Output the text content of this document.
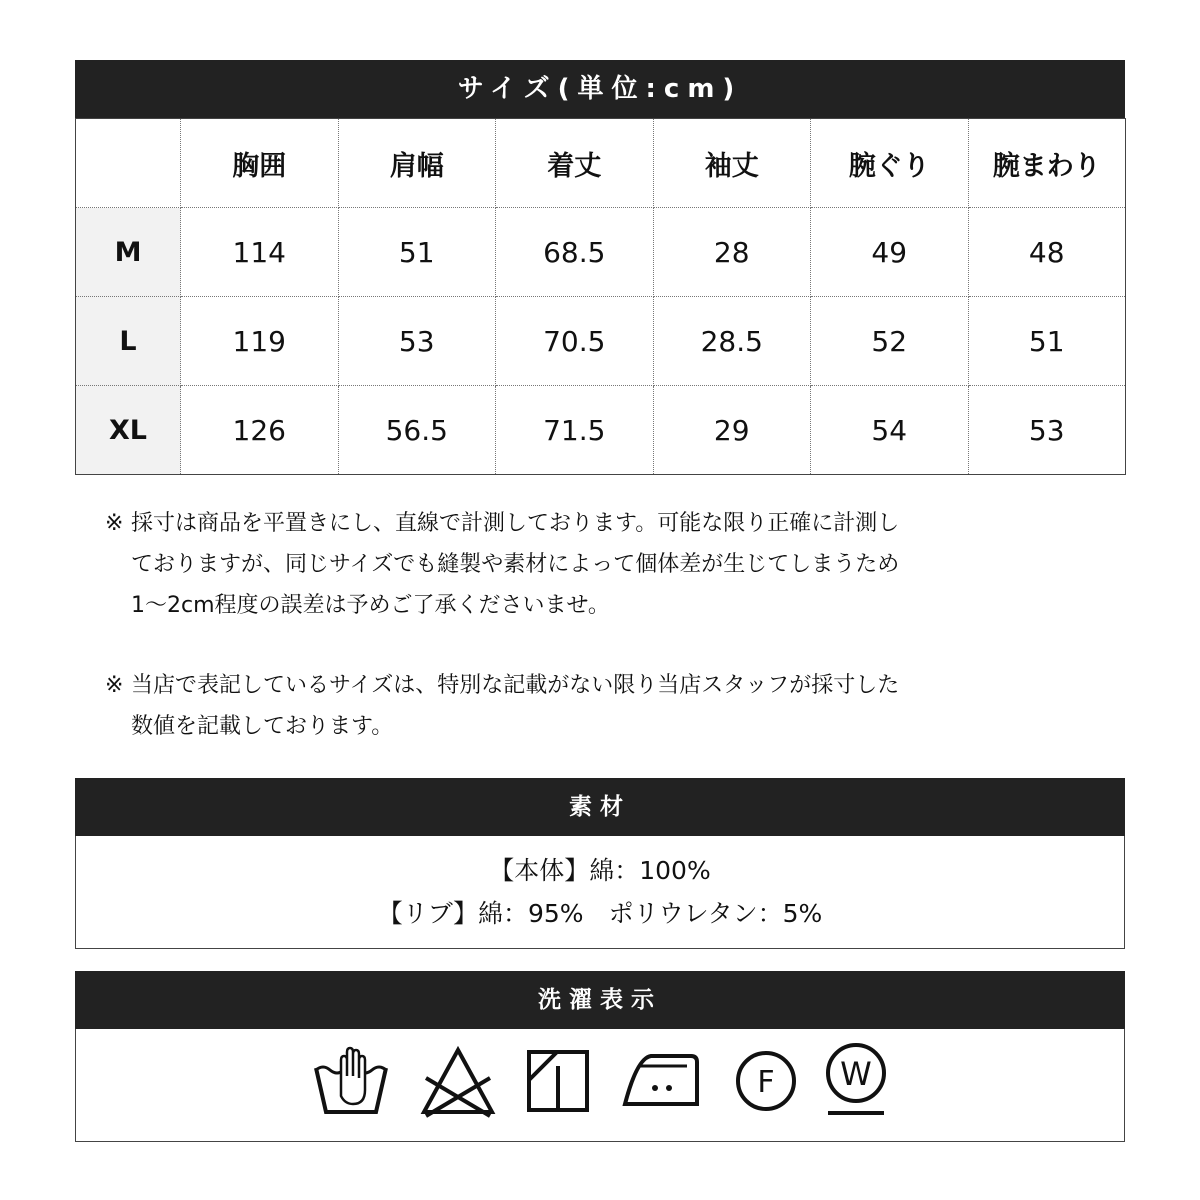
サイズ(単位:cm)
	胸囲	肩幅	着丈	袖丈	腕ぐり	腕まわり
M	114	51	68.5	28	49	48
L	119	53	70.5	28.5	52	51
XL	126	56.5	71.5	29	54	53
※ 採寸は商品を平置きにし、直線で計測しております。可能な限り正確に計測し
ておりますが、同じサイズでも縫製や素材によって個体差が生じてしまうため
1〜2cm程度の誤差は予めご了承くださいませ。
※ 当店で表記しているサイズは、特別な記載がない限り当店スタッフが採寸した
数値を記載しております。
素材
【本体】綿：100%
【リブ】綿：95%　ポリウレタン：5%
洗濯表示
F W
